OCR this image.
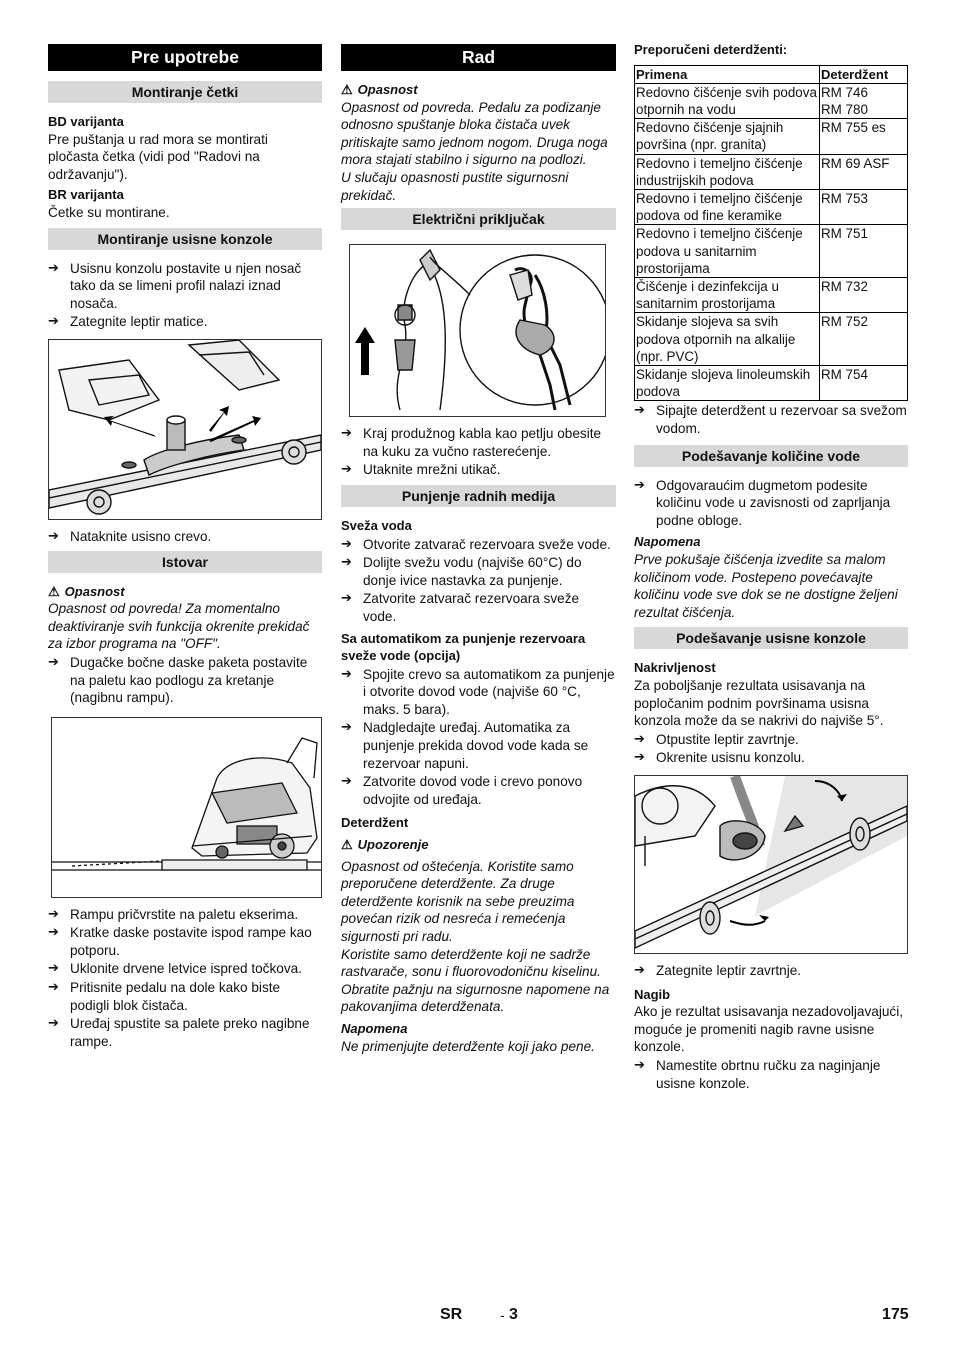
Pre upotrebe
Montiranje četki
BD varijanta

Pre puštanja u rad mora se montirati pločasta četka (vidi pod "Radovi na održavanju").

BR varijanta

Četke su montirane.

Montiranje usisne konzole
➔ Usisnu konzolu postavite u njen nosač tako da se limeni profil nalazi iznad nosača.
➔ Zategnite leptir matice.
➔ Nataknite usisno crevo.
Istovar
⚠ Opasnost

Opasnost od povreda! Za momentalno deaktiviranje svih funkcija okrenite prekidač za izbor programa na "OFF".

➔ Dugačke bočne daske paketa postavite na paletu kao podlogu za kretanje (nagibnu rampu).
➔ Rampu pričvrstite na paletu ekserima.
➔ Kratke daske postavite ispod rampe kao potporu.
➔ Uklonite drvene letvice ispred točkova.
➔ Pritisnite pedalu na dole kako biste podigli blok čistača.
➔ Uređaj spustite sa palete preko nagibne rampe.
Rad
⚠ Opasnost

Opasnost od povreda. Pedalu za podizanje odnosno spuštanje bloka čistača uvek pritiskajte samo jednom nogom. Druga noga mora stajati stabilno i sigurno na podlozi.

U slučaju opasnosti pustite sigurnosni prekidač.

Električni priključak
➔ Kraj produžnog kabla kao petlju obesite na kuku za vučno rasterećenje.
➔ Utaknite mrežni utikač.
Punjenje radnih medija
Sveža voda
➔ Otvorite zatvarač rezervoara sveže vode.
➔ Dolijte svežu vodu (najviše 60°C) do donje ivice nastavka za punjenje.
➔ Zatvorite zatvarač rezervoara sveže vode.
Sa automatikom za punjenje rezervoara sveže vode (opcija)
➔ Spojite crevo sa automatikom za punjenje i otvorite dovod vode (najviše 60 °C, maks. 5 bara).
➔ Nadgledajte uređaj. Automatika za punjenje prekida dovod vode kada se rezervoar napuni.
➔ Zatvorite dovod vode i crevo ponovo odvojite od uređaja.
Deterdžent
⚠ Upozorenje

Opasnost od oštećenja. Koristite samo preporučene deterdžente. Za druge deterdžente korisnik na sebe preuzima povećan rizik od nesreća i remećenja sigurnosti pri radu.

Koristite samo deterdžente koji ne sadrže rastvarače, sonu i fluorovodoničnu kiselinu. Obratite pažnju na sigurnosne napomene na pakovanjima deterdženata.

Napomena

Ne primenjujte deterdžente koji jako pene.

Preporučeni deterdženti:
Primena	Deterdžent
Redovno čišćenje svih podova otpornih na vodu	RM 746
RM 780
Redovno čišćenje sjajnih površina (npr. granita)	RM 755 es
Redovno i temeljno čišćenje industrijskih podova	RM 69 ASF
Redovno i temeljno čišćenje podova od fine keramike	RM 753
Redovno i temeljno čišćenje podova u sanitarnim prostorijama	RM 751
Čišćenje i dezinfekcija u sanitarnim prostorijama	RM 732
Skidanje slojeva sa svih podova otpornih na alkalije (npr. PVC)	RM 752
Skidanje slojeva linoleumskih podova	RM 754
➔ Sipajte deterdžent u rezervoar sa svežom vodom.
Podešavanje količine vode
➔ Odgovaraućim dugmetom podesite količinu vode u zavisnosti od zaprljanja podne obloge.
Napomena

Prve pokušaje čišćenja izvedite sa malom količinom vode. Postepeno povećavajte količinu vode sve dok se ne dostigne željeni rezultat čišćenja.

Podešavanje usisne konzole
Nakrivljenost

Za poboljšanje rezultata usisavanja na popločanim podnim površinama usisna konzola može da se nakrivi do najviše 5°.

➔ Otpustite leptir zavrtnje.
➔ Okrenite usisnu konzolu.
➔ Zategnite leptir zavrtnje.
Nagib

Ako je rezultat usisavanja nezadovoljavajući, moguće je promeniti nagib ravne usisne konzole.

➔ Namestite obrtnu ručku za naginjanje usisne konzole.
SR	- 3	175
